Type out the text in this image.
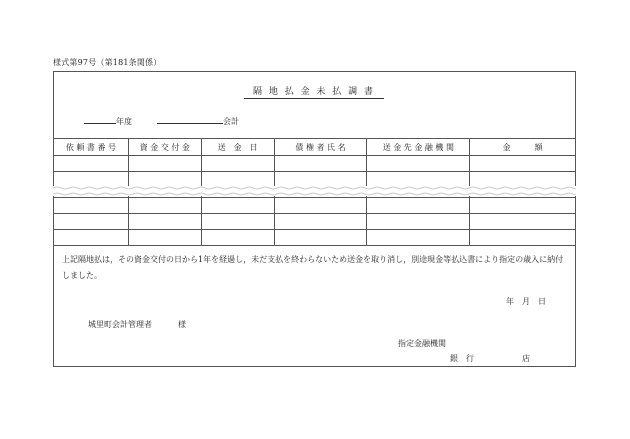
様式第97号（第181条関係）
隔 地 払 金 未 払 調 書
年度	会計
依 頼 書 番 号	資 金 交 付 金	送　金　日	債 権 者 氏 名	送 金 先 金 融 機 関	金　　　額

上記隔地払は，その資金交付の日から1年を経過し，未だ支払を終わらないため送金を取り消し，別途現金等払込書により指定の歳入に納付しました。
年　月　日
城里町会計管理者	様
指定金融機関
銀　行	店
